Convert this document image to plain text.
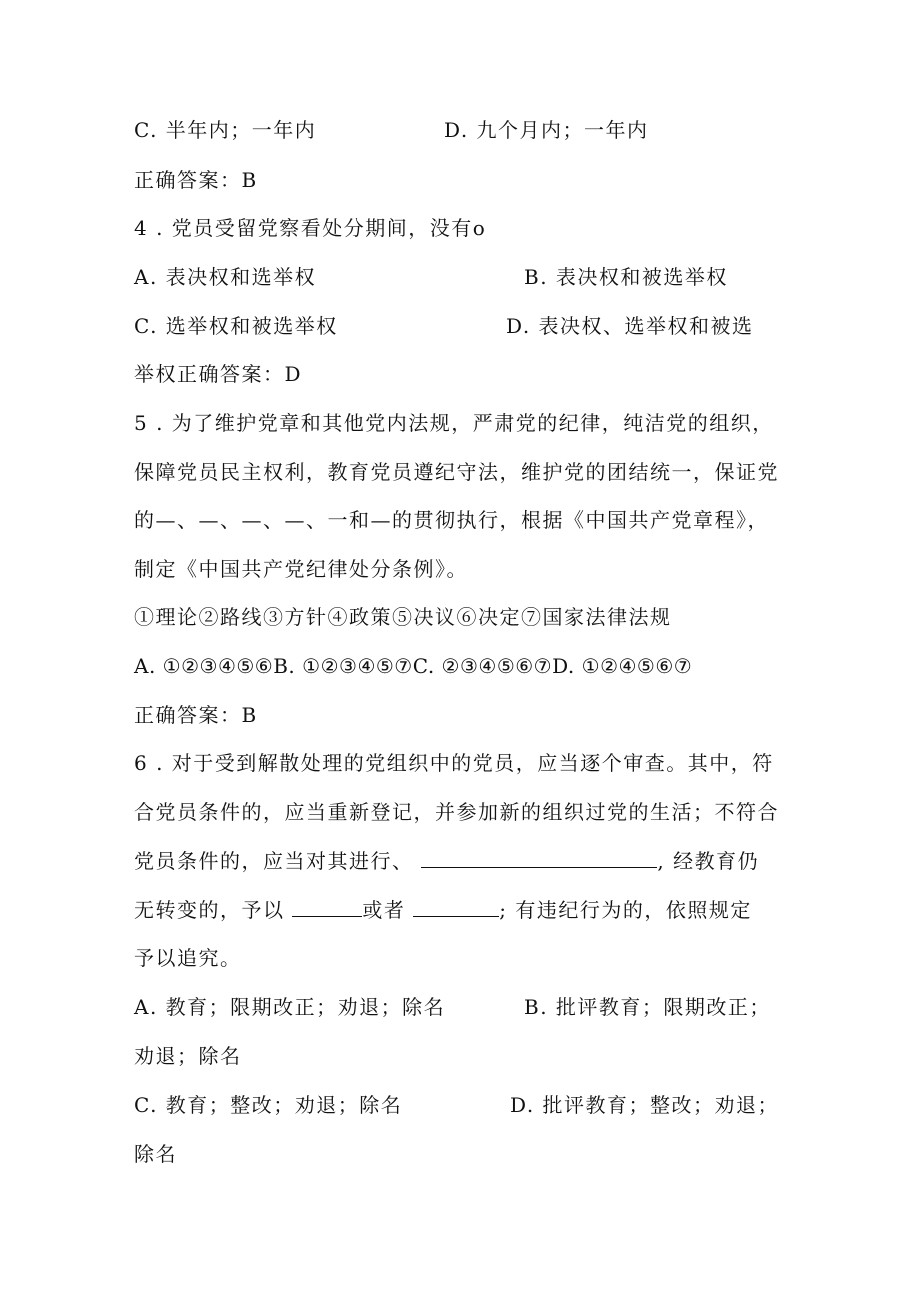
C. 半年内；一年内	D. 九个月内；一年内
正确答案：B
4 . 党员受留党察看处分期间，没有o
A. 表决权和选举权	B. 表决权和被选举权
C. 选举权和被选举权	D. 表决权、选举权和被选
举权正确答案：D
5 . 为了维护党章和其他党内法规，严肃党的纪律，纯洁党的组织，
保障党员民主权利，教育党员遵纪守法，维护党的团结统一，保证党
的—、—、—、—、一和—的贯彻执行，根据《中国共产党章程》，
制定《中国共产党纪律处分条例》。
①理论②路线③方针④政策⑤决议⑥决定⑦国家法律法规
A. ①②③④⑤⑥B. ①②③④⑤⑦C. ②③④⑤⑥⑦D. ①②④⑤⑥⑦
正确答案：B
6 . 对于受到解散处理的党组织中的党员，应当逐个审查。其中，符
合党员条件的，应当重新登记，并参加新的组织过党的生活；不符合
党员条件的，应当对其进行、	, 经教育仍
无转变的，予以	或者	; 有违纪行为的，依照规定
予以追究。
A. 教育；限期改正；劝退；除名	B. 批评教育；限期改正；
劝退；除名
C. 教育；整改；劝退；除名	D. 批评教育；整改；劝退；
除名
